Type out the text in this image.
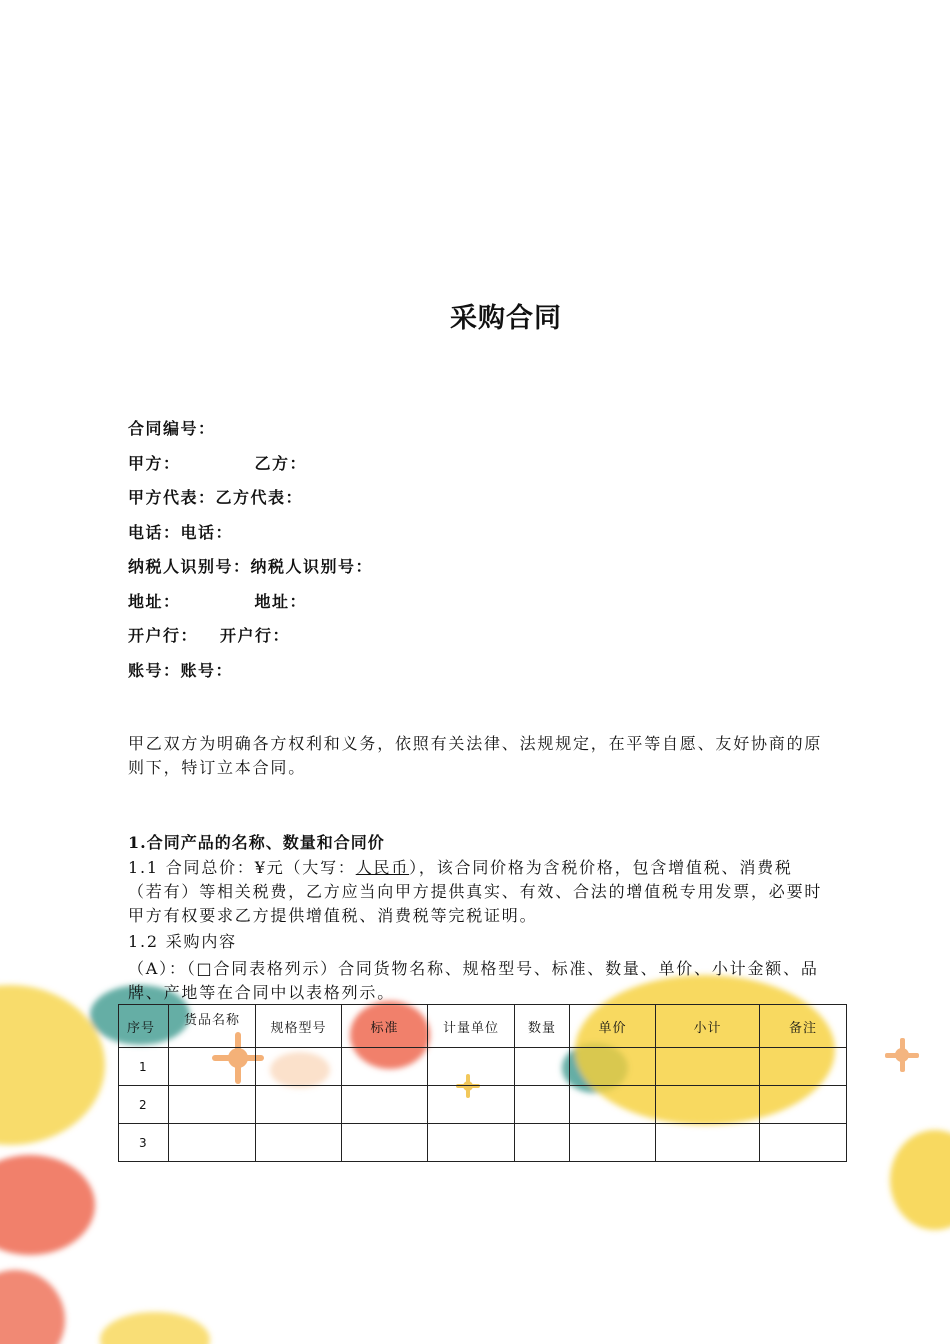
采购合同
合同编号：
甲方：	乙方：
甲方代表：乙方代表：
电话：电话：
纳税人识别号：纳税人识别号：
地址：	地址：
开户行： 开户行：
账号：账号：
甲乙双方为明确各方权利和义务，依照有关法律、法规规定，在平等自愿、友好协商的原则下，特订立本合同。
1.合同产品的名称、数量和合同价
1.1 合同总价：¥元（大写：人民币），该合同价格为含税价格，包含增值税、消费税（若有）等相关税费，乙方应当向甲方提供真实、有效、合法的增值税专用发票，必要时甲方有权要求乙方提供增值税、消费税等完税证明。
1.2 采购内容
（A）：（□合同表格列示）合同货物名称、规格型号、标准、数量、单价、小计金额、品牌、产地等在合同中以表格列示。
序号	货品名称	规格型号	标准	计量单位	数量	单价	小计	备注
1								
2								
3								
